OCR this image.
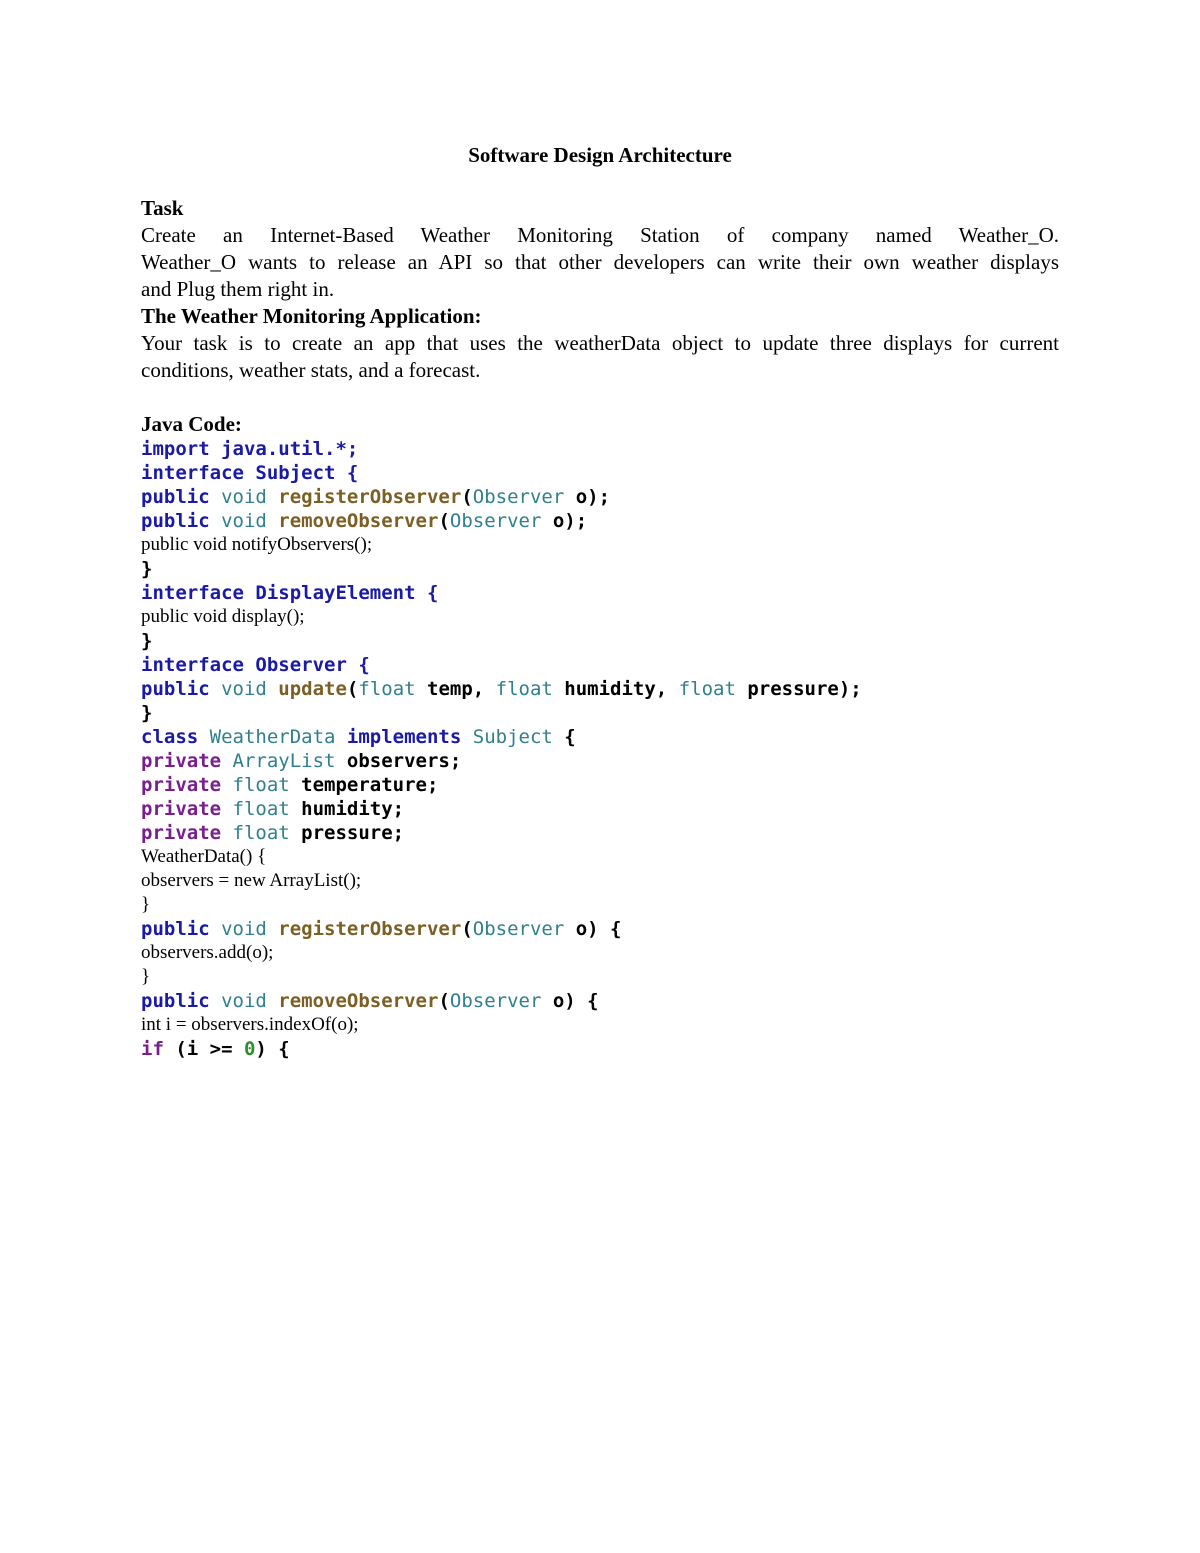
Software Design Architecture
Task
Create an Internet-Based Weather Monitoring Station of company named Weather_O.
Weather_O wants to release an API so that other developers can write their own weather displays
and Plug them right in.
The Weather Monitoring Application:
Your task is to create an app that uses the weatherData object to update three displays for current
conditions, weather stats, and a forecast.
Java Code:
import java.util.*;
interface Subject {
public void registerObserver(Observer o);
public void removeObserver(Observer o);
public void notifyObservers();
}
interface DisplayElement {
public void display();
}
interface Observer {
public void update(float temp, float humidity, float pressure);
}
class WeatherData implements Subject {
private ArrayList observers;
private float temperature;
private float humidity;
private float pressure;
WeatherData() {
observers = new ArrayList();
}
public void registerObserver(Observer o) {
observers.add(o);
}
public void removeObserver(Observer o) {
int i = observers.indexOf(o);
if (i >= 0) {
